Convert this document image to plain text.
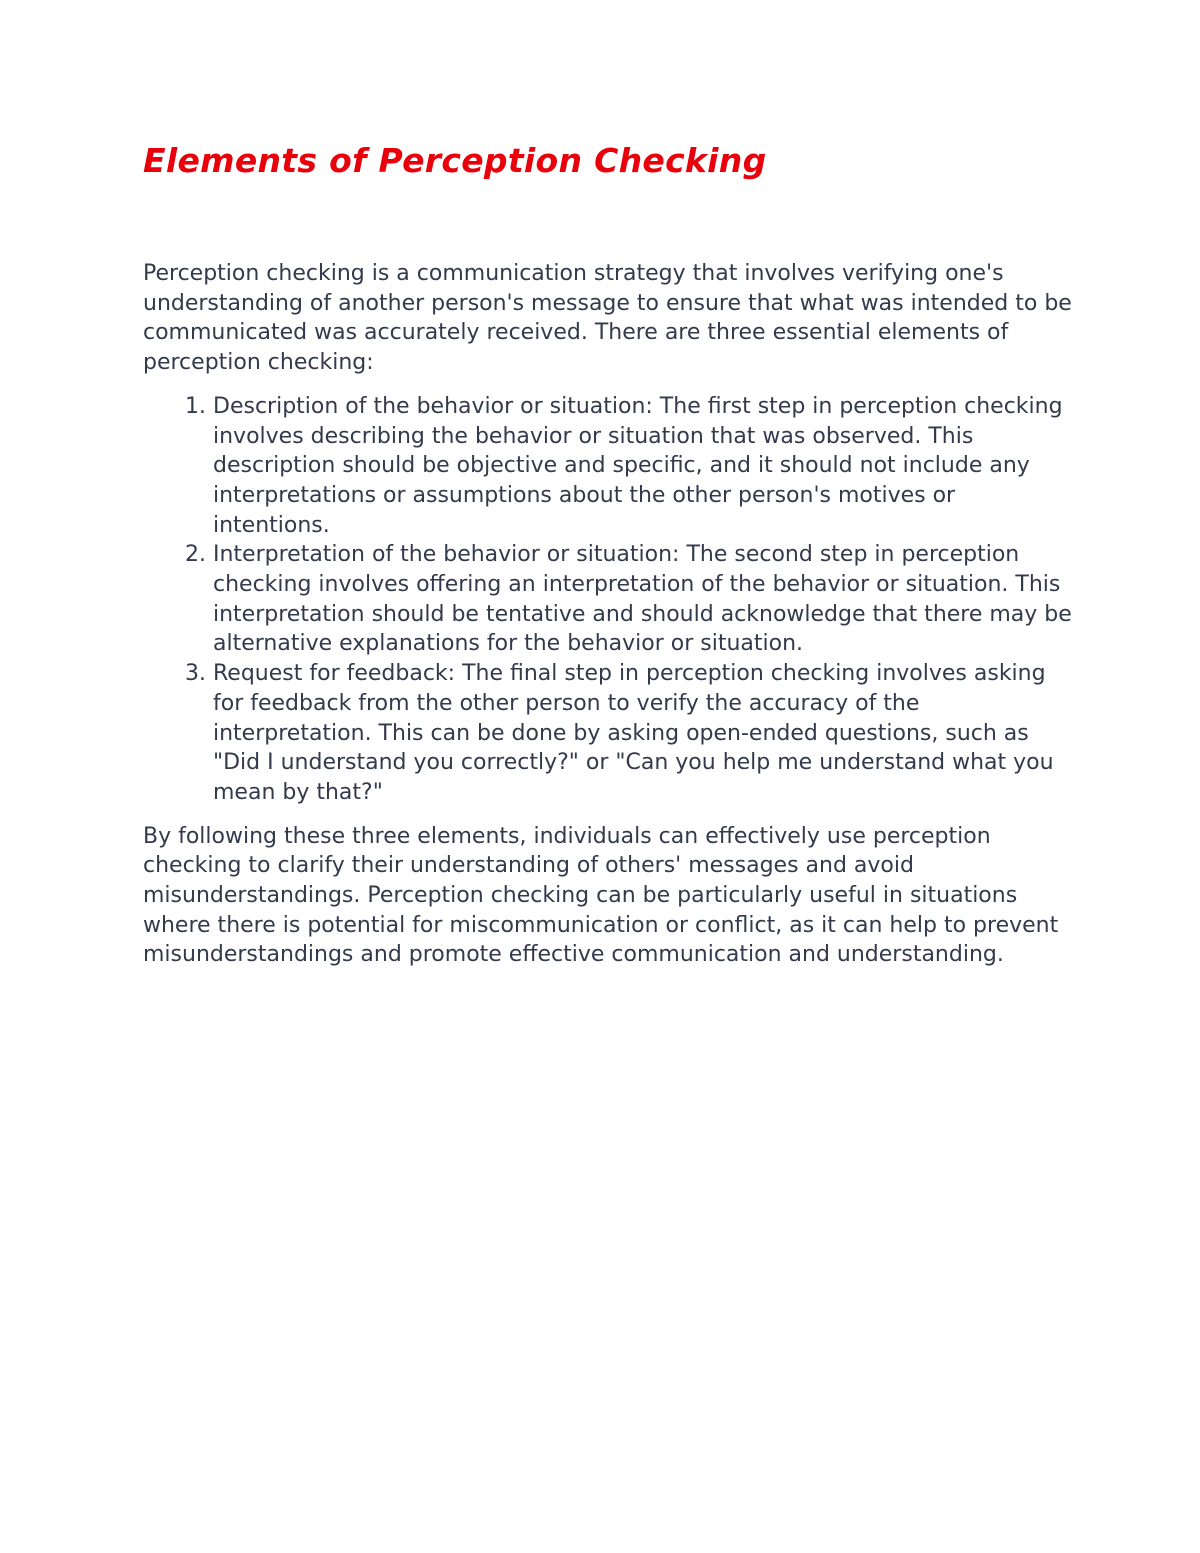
Elements of Perception Checking

Perception checking is a communication strategy that involves verifying one's understanding of another person's message to ensure that what was intended to be communicated was accurately received. There are three essential elements of perception checking:

1. Description of the behavior or situation: The first step in perception checking involves describing the behavior or situation that was observed. This description should be objective and specific, and it should not include any interpretations or assumptions about the other person's motives or intentions.
2. Interpretation of the behavior or situation: The second step in perception checking involves offering an interpretation of the behavior or situation. This interpretation should be tentative and should acknowledge that there may be alternative explanations for the behavior or situation.
3. Request for feedback: The final step in perception checking involves asking for feedback from the other person to verify the accuracy of the interpretation. This can be done by asking open-ended questions, such as "Did I understand you correctly?" or "Can you help me understand what you mean by that?"

By following these three elements, individuals can effectively use perception checking to clarify their understanding of others' messages and avoid misunderstandings. Perception checking can be particularly useful in situations where there is potential for miscommunication or conflict, as it can help to prevent misunderstandings and promote effective communication and understanding.
